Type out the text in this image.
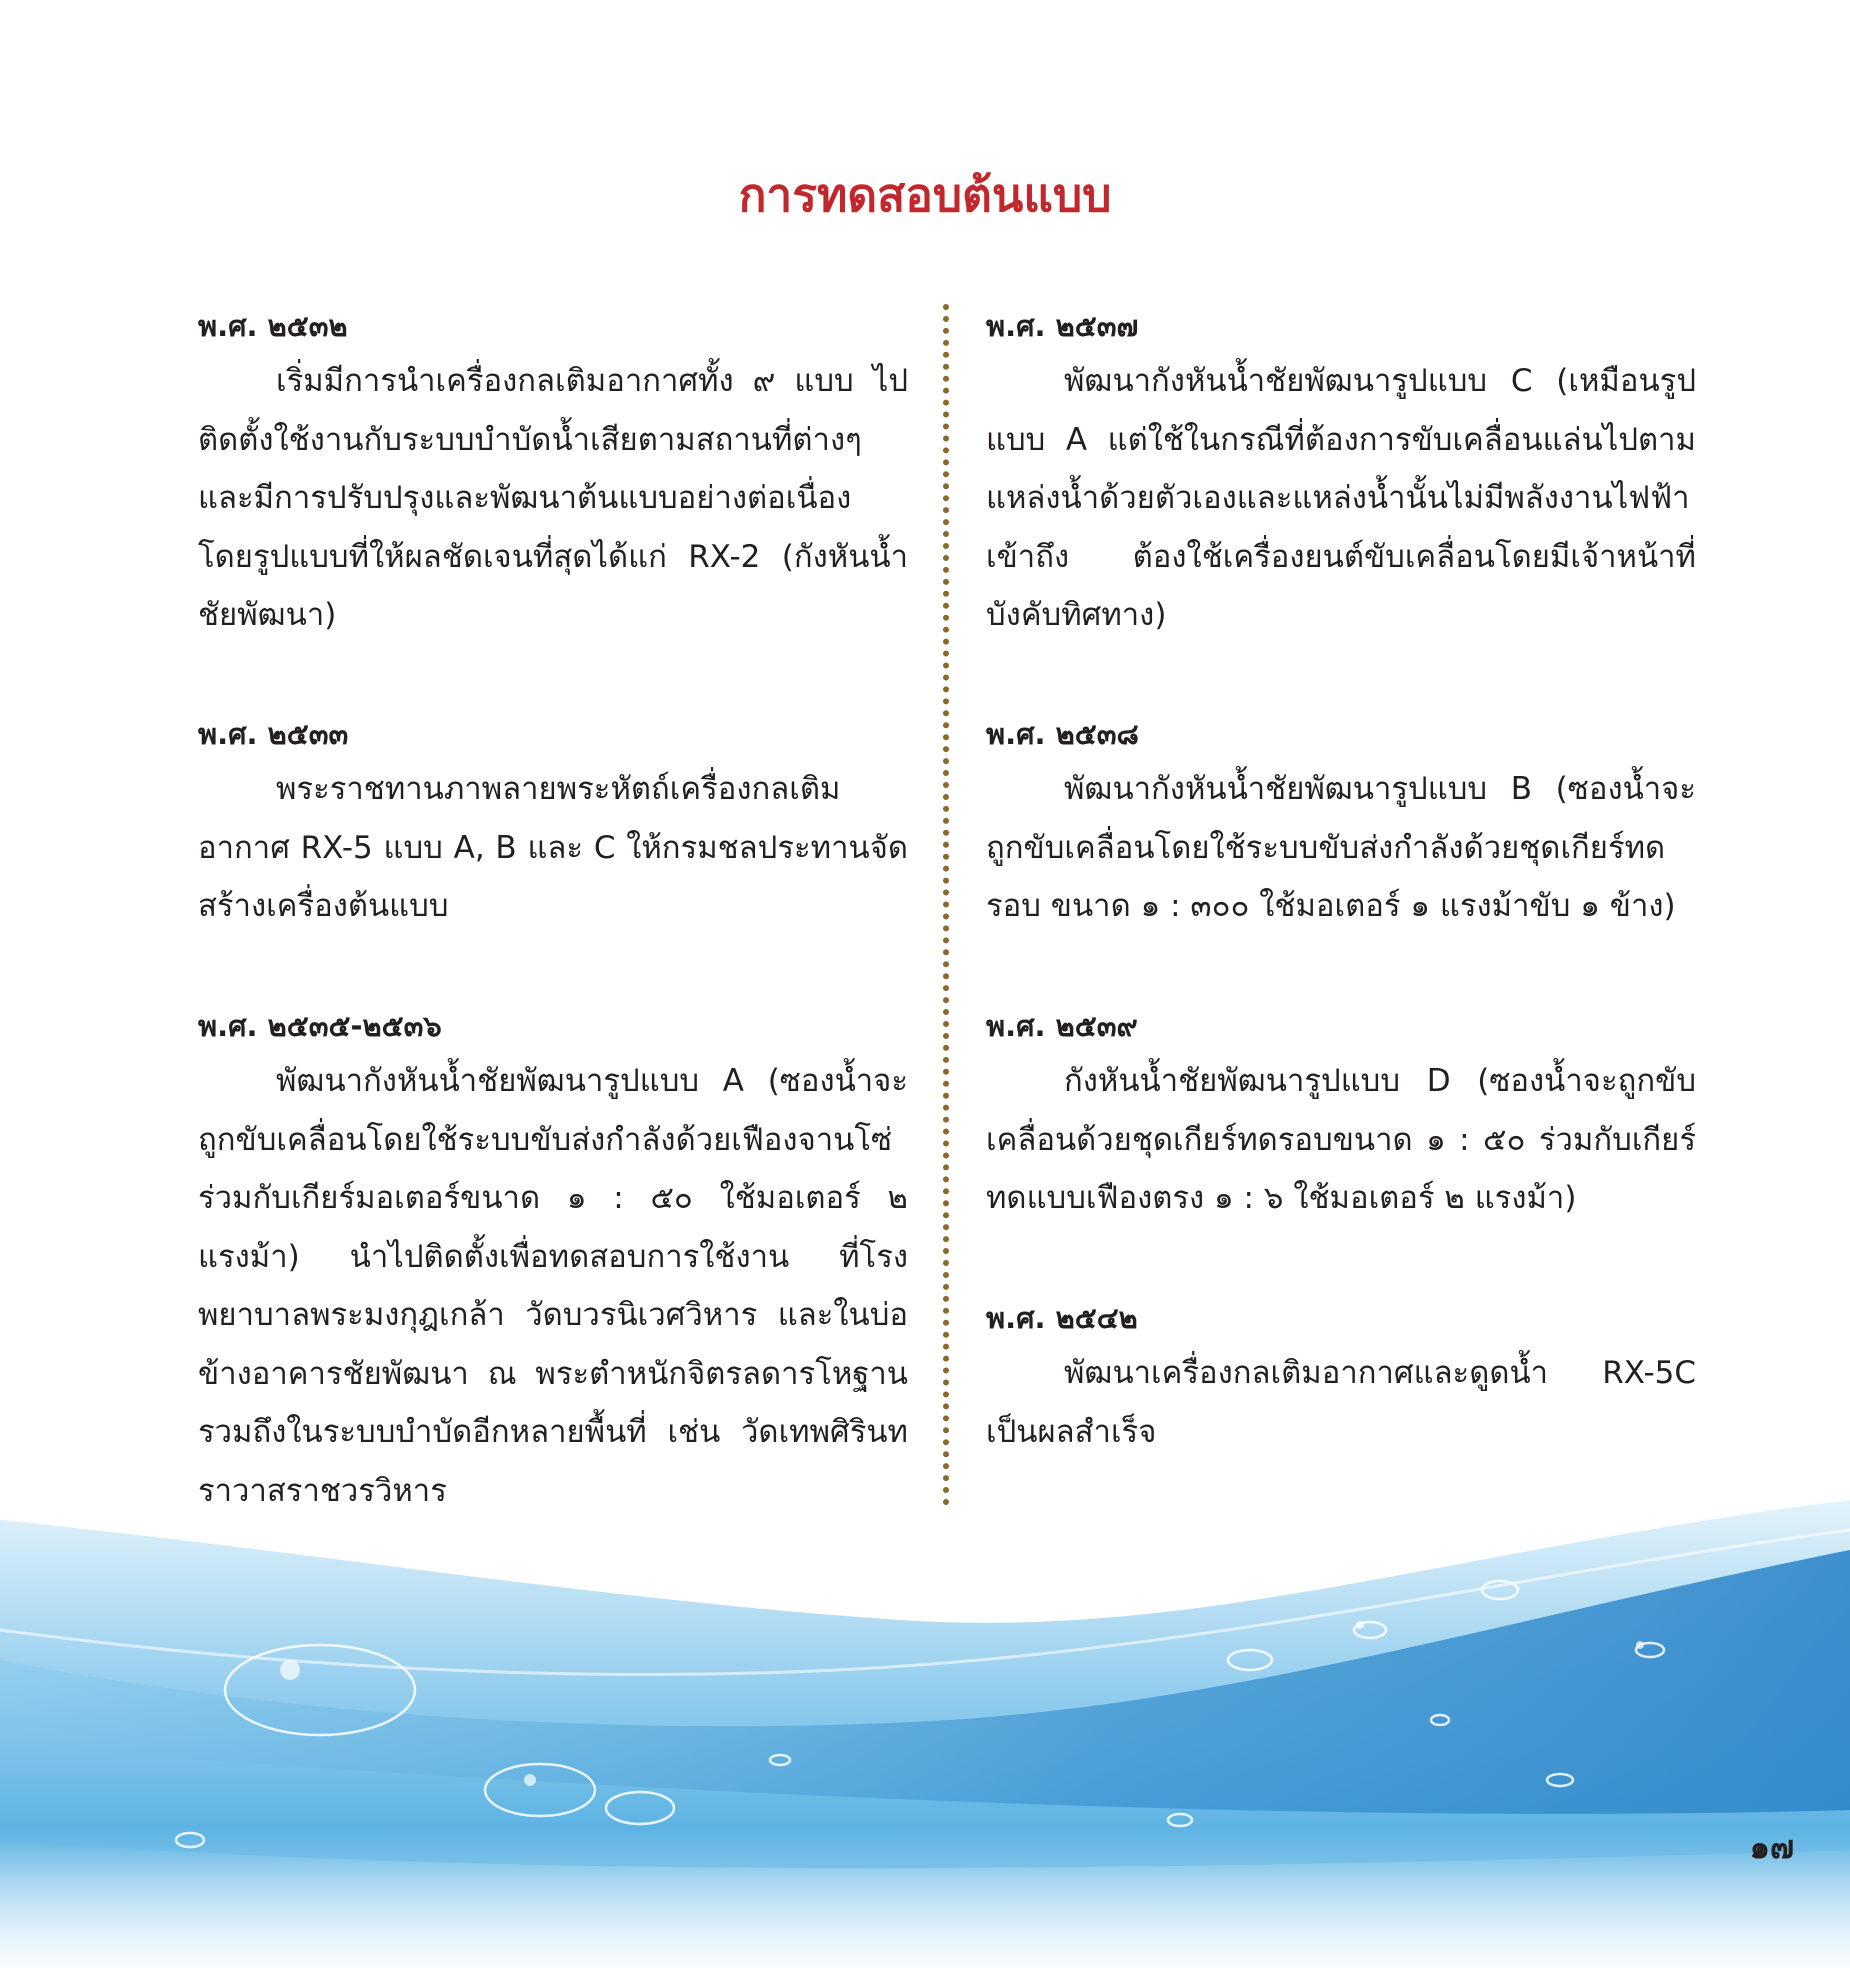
การทดสอบต้นแบบ

พ.ศ. ๒๕๓๒

เริ่มมีการนำเครื่องกลเติมอากาศทั้ง ๙ แบบ ไปติดตั้งใช้งานกับระบบบำบัดน้ำเสียตามสถานที่ต่างๆ และมีการปรับปรุงและพัฒนาต้นแบบอย่างต่อเนื่อง โดยรูปแบบที่ให้ผลชัดเจนที่สุดได้แก่ RX-2 (กังหันน้ำชัยพัฒนา)

พ.ศ. ๒๕๓๓

พระราชทานภาพลายพระหัตถ์เครื่องกลเติมอากาศ RX-5 แบบ A, B และ C ให้กรมชลประทานจัดสร้างเครื่องต้นแบบ

พ.ศ. ๒๕๓๕-๒๕๓๖

พัฒนากังหันน้ำชัยพัฒนารูปแบบ A (ซองน้ำจะถูกขับเคลื่อนโดยใช้ระบบขับส่งกำลังด้วยเฟืองจานโซ่ร่วมกับเกียร์มอเตอร์ขนาด ๑ : ๕๐ ใช้มอเตอร์ ๒ แรงม้า) นำไปติดตั้งเพื่อทดสอบการใช้งาน ที่โรงพยาบาลพระมงกุฎเกล้า วัดบวรนิเวศวิหาร และในบ่อข้างอาคารชัยพัฒนา ณ พระตำหนักจิตรลดารโหฐาน รวมถึงในระบบบำบัดอีกหลายพื้นที่ เช่น วัดเทพศิรินทราวาสราชวรวิหาร

พ.ศ. ๒๕๓๗

พัฒนากังหันน้ำชัยพัฒนารูปแบบ C (เหมือนรูปแบบ A แต่ใช้ในกรณีที่ต้องการขับเคลื่อนแล่นไปตามแหล่งน้ำด้วยตัวเองและแหล่งน้ำนั้นไม่มีพลังงานไฟฟ้าเข้าถึง ต้องใช้เครื่องยนต์ขับเคลื่อนโดยมีเจ้าหน้าที่บังคับทิศทาง)

พ.ศ. ๒๕๓๘

พัฒนากังหันน้ำชัยพัฒนารูปแบบ B (ซองน้ำจะถูกขับเคลื่อนโดยใช้ระบบขับส่งกำลังด้วยชุดเกียร์ทดรอบ ขนาด ๑ : ๓๐๐ ใช้มอเตอร์ ๑ แรงม้าขับ ๑ ข้าง)

พ.ศ. ๒๕๓๙

กังหันน้ำชัยพัฒนารูปแบบ D (ซองน้ำจะถูกขับเคลื่อนด้วยชุดเกียร์ทดรอบขนาด ๑ : ๕๐ ร่วมกับเกียร์ทดแบบเฟืองตรง ๑ : ๖ ใช้มอเตอร์ ๒ แรงม้า)

พ.ศ. ๒๕๔๒

พัฒนาเครื่องกลเติมอากาศและดูดน้ำ RX-5C เป็นผลสำเร็จ

๑๗
